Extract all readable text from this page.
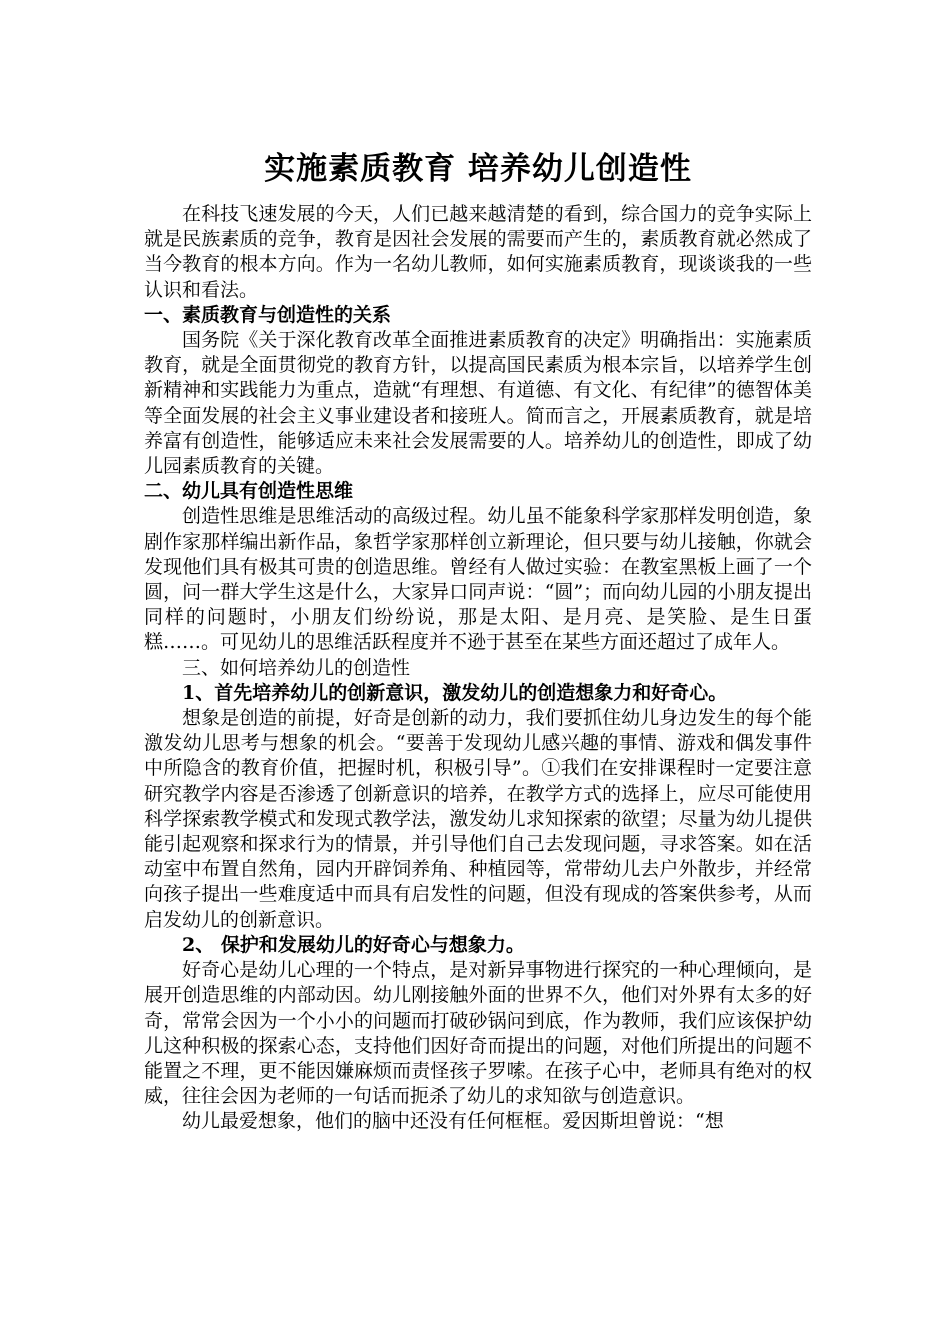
实施素质教育 培养幼儿创造性

在科技飞速发展的今天，人们已越来越清楚的看到，综合国力的竞争实际上就是民族素质的竞争，教育是因社会发展的需要而产生的，素质教育就必然成了当今教育的根本方向。作为一名幼儿教师，如何实施素质教育，现谈谈我的一些认识和看法。

一、素质教育与创造性的关系

国务院《关于深化教育改革全面推进素质教育的决定》明确指出：实施素质教育，就是全面贯彻党的教育方针，以提高国民素质为根本宗旨，以培养学生创新精神和实践能力为重点，造就“有理想、有道德、有文化、有纪律”的德智体美等全面发展的社会主义事业建设者和接班人。简而言之，开展素质教育，就是培养富有创造性，能够适应未来社会发展需要的人。培养幼儿的创造性，即成了幼儿园素质教育的关键。

二、幼儿具有创造性思维

创造性思维是思维活动的高级过程。幼儿虽不能象科学家那样发明创造，象剧作家那样编出新作品，象哲学家那样创立新理论，但只要与幼儿接触，你就会发现他们具有极其可贵的创造思维。曾经有人做过实验：在教室黑板上画了一个圆，问一群大学生这是什么，大家异口同声说：“圆”；而向幼儿园的小朋友提出同样的问题时，小朋友们纷纷说，那是太阳、是月亮、是笑脸、是生日蛋糕……。可见幼儿的思维活跃程度并不逊于甚至在某些方面还超过了成年人。

三、如何培养幼儿的创造性

1、首先培养幼儿的创新意识，激发幼儿的创造想象力和好奇心。

想象是创造的前提，好奇是创新的动力，我们要抓住幼儿身边发生的每个能激发幼儿思考与想象的机会。“要善于发现幼儿感兴趣的事情、游戏和偶发事件中所隐含的教育价值，把握时机，积极引导”。①我们在安排课程时一定要注意研究教学内容是否渗透了创新意识的培养，在教学方式的选择上，应尽可能使用科学探索教学模式和发现式教学法，激发幼儿求知探索的欲望；尽量为幼儿提供能引起观察和探求行为的情景，并引导他们自己去发现问题，寻求答案。如在活动室中布置自然角，园内开辟饲养角、种植园等，常带幼儿去户外散步，并经常向孩子提出一些难度适中而具有启发性的问题，但没有现成的答案供参考，从而启发幼儿的创新意识。

2、 保护和发展幼儿的好奇心与想象力。

好奇心是幼儿心理的一个特点，是对新异事物进行探究的一种心理倾向，是展开创造思维的内部动因。幼儿刚接触外面的世界不久，他们对外界有太多的好奇，常常会因为一个小小的问题而打破砂锅问到底，作为教师，我们应该保护幼儿这种积极的探索心态，支持他们因好奇而提出的问题，对他们所提出的问题不能置之不理，更不能因嫌麻烦而责怪孩子罗嗦。在孩子心中，老师具有绝对的权威，往往会因为老师的一句话而扼杀了幼儿的求知欲与创造意识。

幼儿最爱想象，他们的脑中还没有任何框框。爱因斯坦曾说：“想
